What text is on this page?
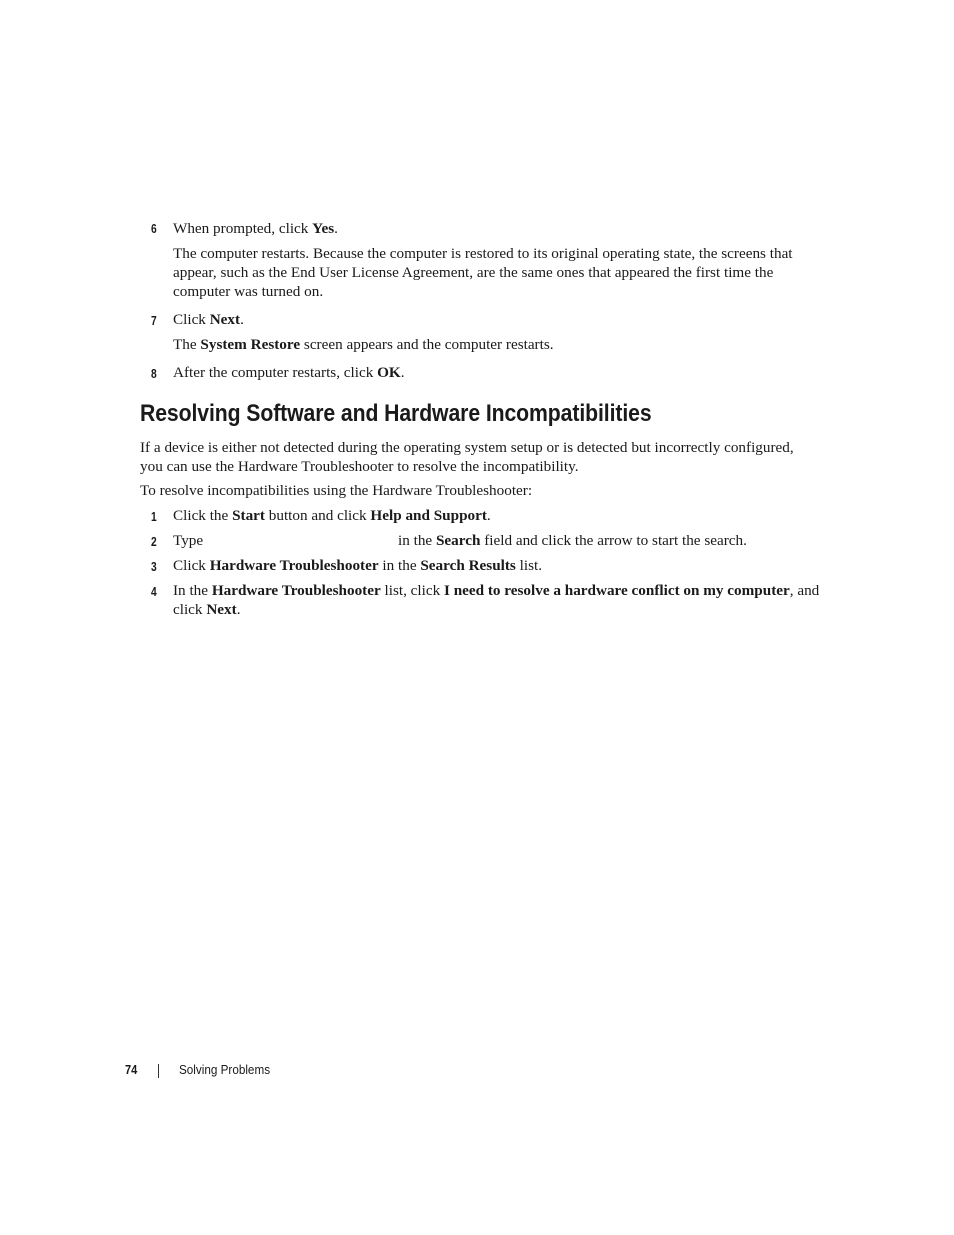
6 When prompted, click Yes.
The computer restarts. Because the computer is restored to its original operating state, the screens that
appear, such as the End User License Agreement, are the same ones that appeared the first time the
computer was turned on.
7 Click Next.
The System Restore screen appears and the computer restarts.
8 After the computer restarts, click OK.
Resolving Software and Hardware Incompatibilities
If a device is either not detected during the operating system setup or is detected but incorrectly configured,
you can use the Hardware Troubleshooter to resolve the incompatibility.
To resolve incompatibilities using the Hardware Troubleshooter:
1 Click the Start button and click Help and Support.
2 Type	in the Search field and click the arrow to start the search.
3 Click Hardware Troubleshooter in the Search Results list.
4 In the Hardware Troubleshooter list, click I need to resolve a hardware conflict on my computer, and
click Next.
74	Solving Problems
